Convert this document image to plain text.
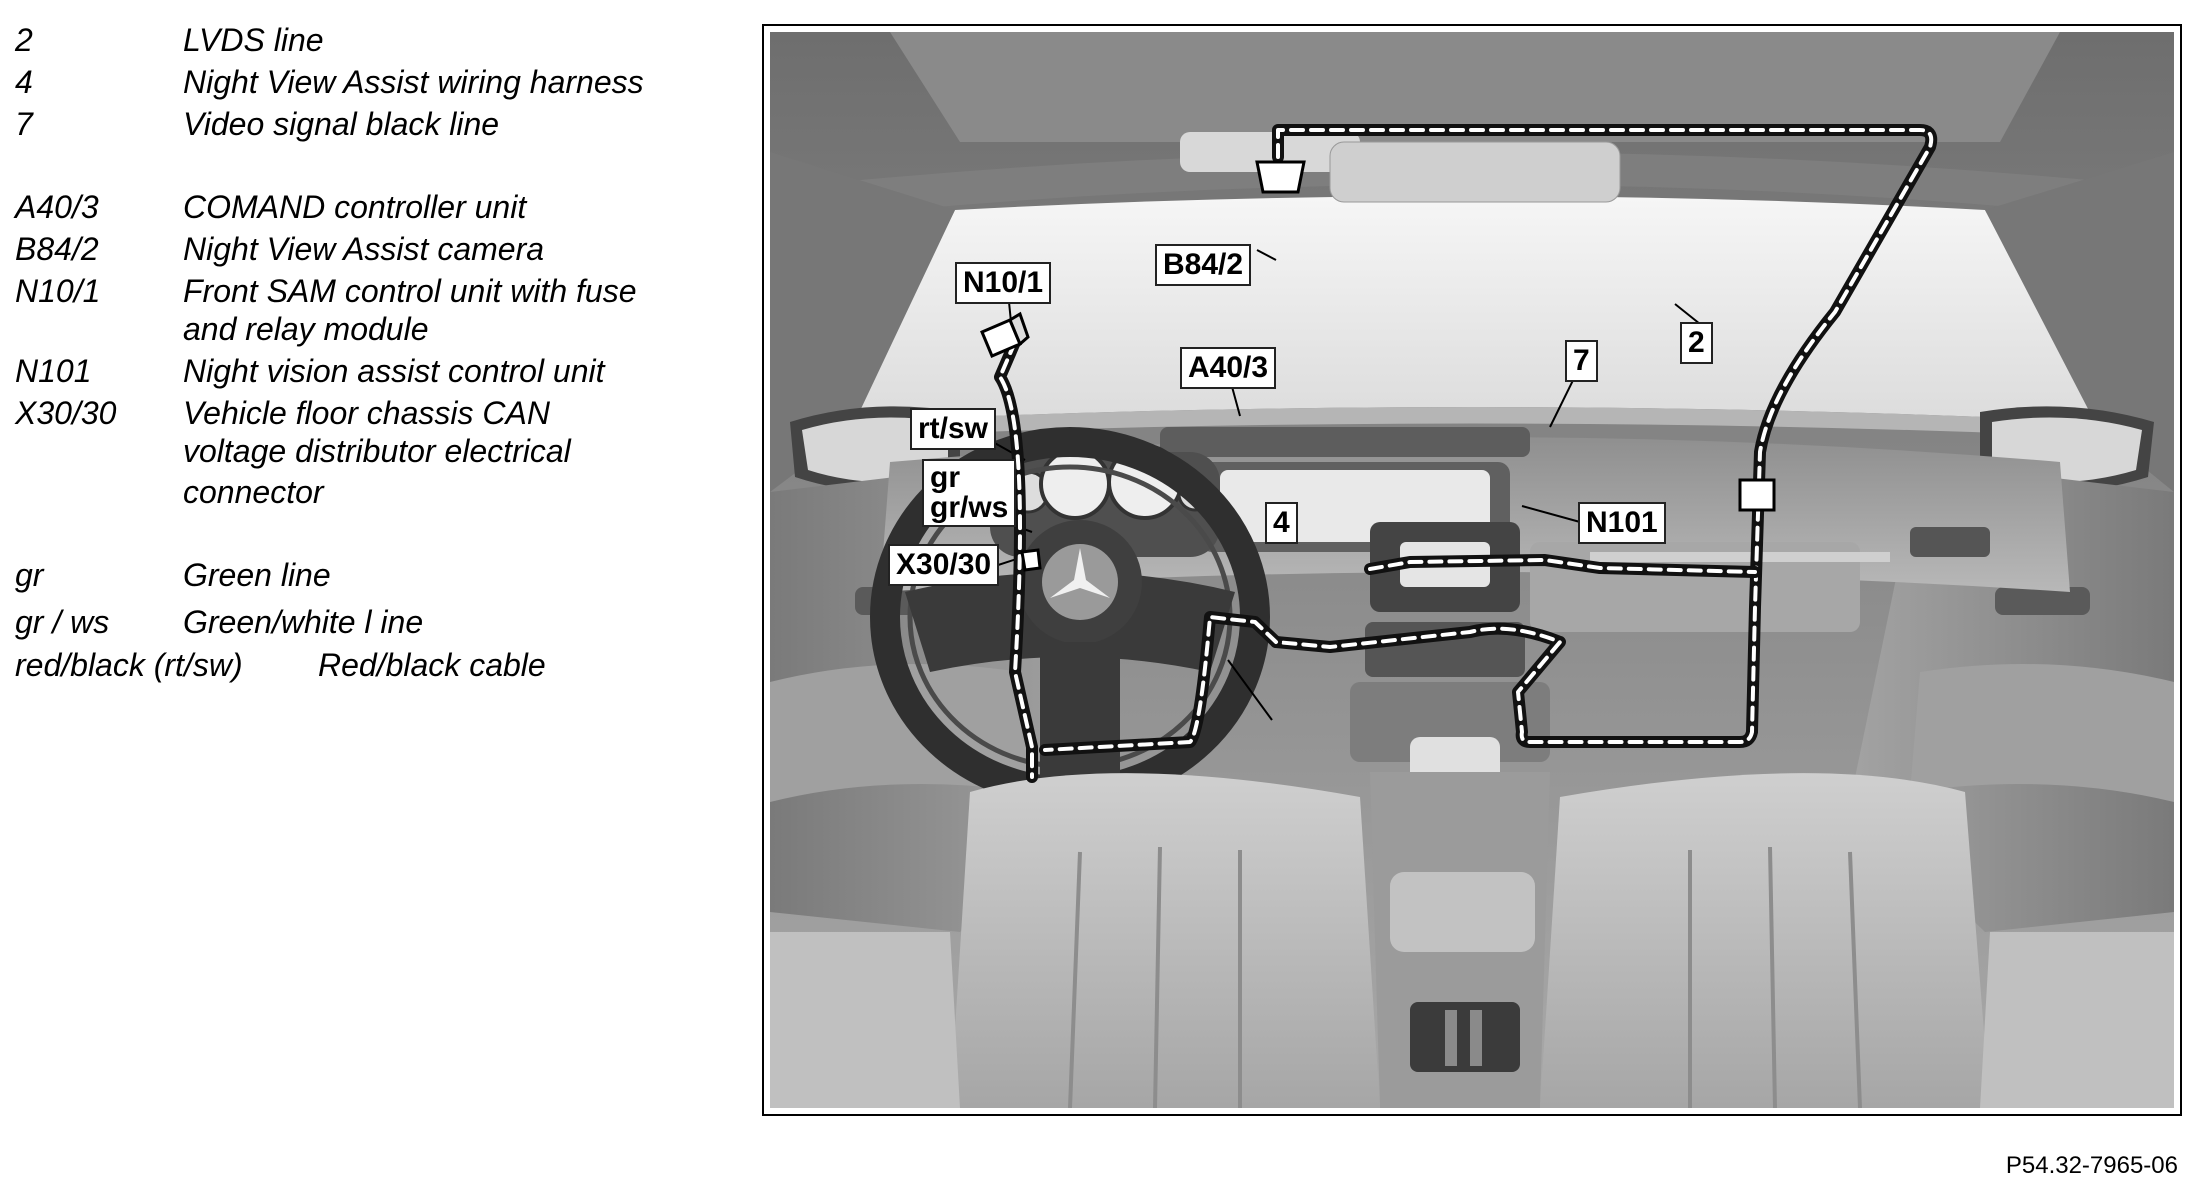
2	LVDS line
4	Night View Assist wiring harness
7	Video signal black line
A40/3	COMAND controller unit
B84/2	Night View Assist camera
N10/1	Front SAM control unit with fuse
and relay module
N101	Night vision assist control unit
X30/30 Vehicle floor chassis CAN
voltage distributor electrical
connector
gr	Green line
gr / ws Green/white l ine
red/black (rt/sw) Red/black cable
B84/2
2
N10/1
A40/3	7
rt/sw
gr
gr/ws	4
X30/30
N101
P54.32-7965-06
